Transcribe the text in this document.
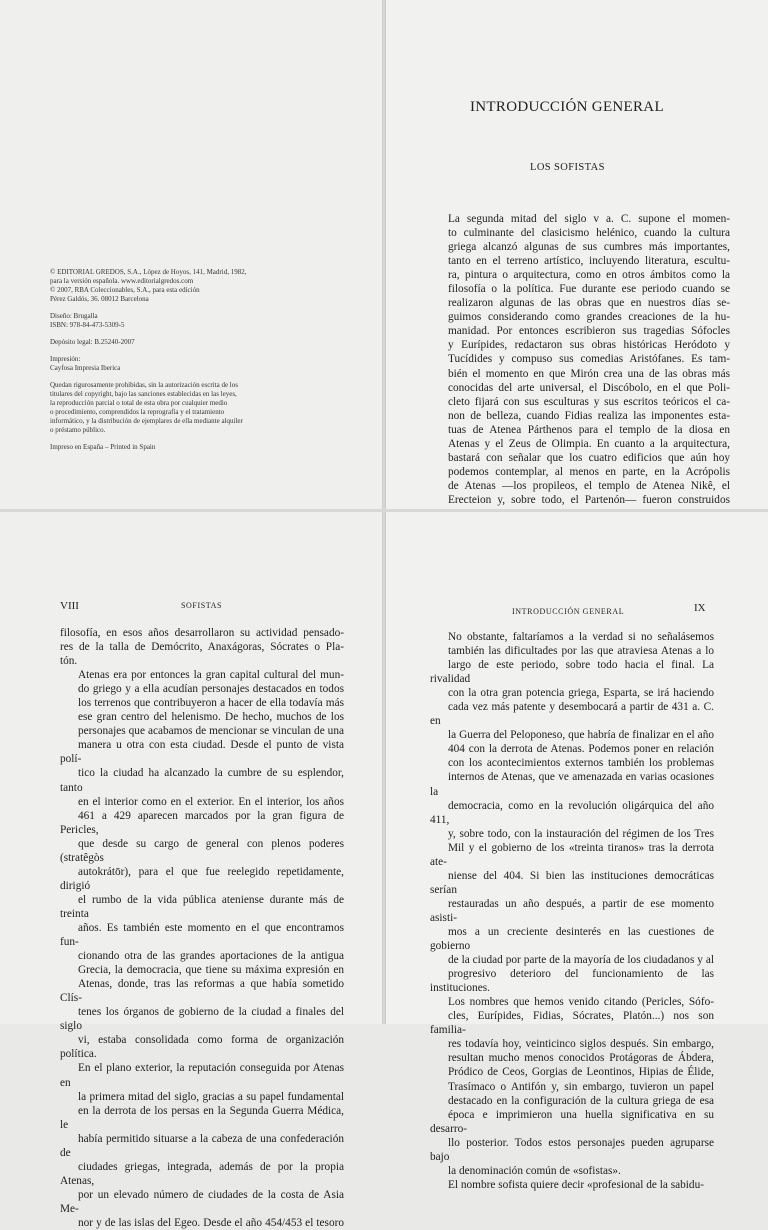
© EDITORIAL GREDOS, S.A., López de Hoyos, 141, Madrid, 1982,
para la versión española. www.editorialgredos.com
© 2007, RBA Coleccionables, S.A., para esta edición
Pérez Galdós, 36. 08012 Barcelona

Diseño: Brugalla
ISBN: 978-84-473-5309-5

Depósito legal: B.25240-2007

Impresión:
Cayfosa Impresia Iberica

Quedan rigurosamente prohibidas, sin la autorización escrita de los
titulares del copyright, bajo las sanciones establecidas en las leyes,
la reproducción parcial o total de esta obra por cualquier medio
o procedimiento, comprendidos la reprografía y el tratamiento
informático, y la distribución de ejemplares de ella mediante alquiler
o préstamo público.

Impreso en España – Printed in Spain

INTRODUCCIÓN GENERAL
LOS SOFISTAS

La segunda mitad del siglo v a. C. supone el momen-
to culminante del clasicismo helénico, cuando la cultura
griega alcanzó algunas de sus cumbres más importantes,
tanto en el terreno artístico, incluyendo literatura, escultu-
ra, pintura o arquitectura, como en otros ámbitos como la
filosofía o la política. Fue durante ese periodo cuando se
realizaron algunas de las obras que en nuestros días se-
guimos considerando como grandes creaciones de la hu-
manidad. Por entonces escribieron sus tragedias Sófocles
y Eurípides, redactaron sus obras históricas Heródoto y
Tucídides y compuso sus comedias Aristófanes. Es tam-
bién el momento en que Mirón crea una de las obras más
conocidas del arte universal, el Discóbolo, en el que Poli-
cleto fijará con sus esculturas y sus escritos teóricos el ca-
non de belleza, cuando Fidias realiza las imponentes esta-
tuas de Atenea Párthenos para el templo de la diosa en
Atenas y el Zeus de Olimpia. En cuanto a la arquitectura,
bastará con señalar que los cuatro edificios que aún hoy
podemos contemplar, al menos en parte, en la Acrópolis
de Atenas —los propileos, el templo de Atenea Nikê, el
Erecteion y, sobre todo, el Partenón— fueron construidos

VIII	SOFISTAS

filosofía, en esos años desarrollaron su actividad pensado-
res de la talla de Demócrito, Anaxágoras, Sócrates o Pla-
tón.

Atenas era por entonces la gran capital cultural del mun-
do griego y a ella acudían personajes destacados en todos
los terrenos que contribuyeron a hacer de ella todavía más
ese gran centro del helenismo. De hecho, muchos de los
personajes que acabamos de mencionar se vinculan de una
manera u otra con esta ciudad. Desde el punto de vista polí-
tico la ciudad ha alcanzado la cumbre de su esplendor, tanto
en el interior como en el exterior. En el interior, los años
461 a 429 aparecen marcados por la gran figura de Pericles,
que desde su cargo de general con plenos poderes (stratêgòs
autokrátōr), para el que fue reelegido repetidamente, dirigió
el rumbo de la vida pública ateniense durante más de treinta
años. Es también este momento en el que encontramos fun-
cionando otra de las grandes aportaciones de la antigua
Grecia, la democracia, que tiene su máxima expresión en
Atenas, donde, tras las reformas a que había sometido Clís-
tenes los órganos de gobierno de la ciudad a finales del siglo
vi, estaba consolidada como forma de organización política.
En el plano exterior, la reputación conseguida por Atenas en
la primera mitad del siglo, gracias a su papel fundamental
en la derrota de los persas en la Segunda Guerra Médica, le
había permitido situarse a la cabeza de una confederación de
ciudades griegas, integrada, además de por la propia Atenas,
por un elevado número de ciudades de la costa de Asia Me-
nor y de las islas del Egeo. Desde el año 454/453 el tesoro

INTRODUCCIÓN GENERAL	IX

No obstante, faltaríamos a la verdad si no señalásemos
también las dificultades por las que atraviesa Atenas a lo
largo de este periodo, sobre todo hacia el final. La rivalidad
con la otra gran potencia griega, Esparta, se irá haciendo
cada vez más patente y desembocará a partir de 431 a. C. en
la Guerra del Peloponeso, que habría de finalizar en el año
404 con la derrota de Atenas. Podemos poner en relación
con los acontecimientos externos también los problemas
internos de Atenas, que ve amenazada en varias ocasiones la
democracia, como en la revolución oligárquica del año 411,
y, sobre todo, con la instauración del régimen de los Tres
Mil y el gobierno de los «treinta tiranos» tras la derrota ate-
niense del 404. Si bien las instituciones democráticas serían
restauradas un año después, a partir de ese momento asisti-
mos a un creciente desinterés en las cuestiones de gobierno
de la ciudad por parte de la mayoría de los ciudadanos y al
progresivo deterioro del funcionamiento de las instituciones.

Los nombres que hemos venido citando (Pericles, Sófo-
cles, Eurípides, Fidias, Sócrates, Platón...) nos son familia-
res todavía hoy, veinticinco siglos después. Sin embargo,
resultan mucho menos conocidos Protágoras de Ábdera,
Pródico de Ceos, Gorgias de Leontinos, Hipias de Élide,
Trasímaco o Antifón y, sin embargo, tuvieron un papel
destacado en la configuración de la cultura griega de esa
época e imprimieron una huella significativa en su desarro-
llo posterior. Todos estos personajes pueden agruparse bajo
la denominación común de «sofistas».

El nombre sofista quiere decir «profesional de la sabidu-
